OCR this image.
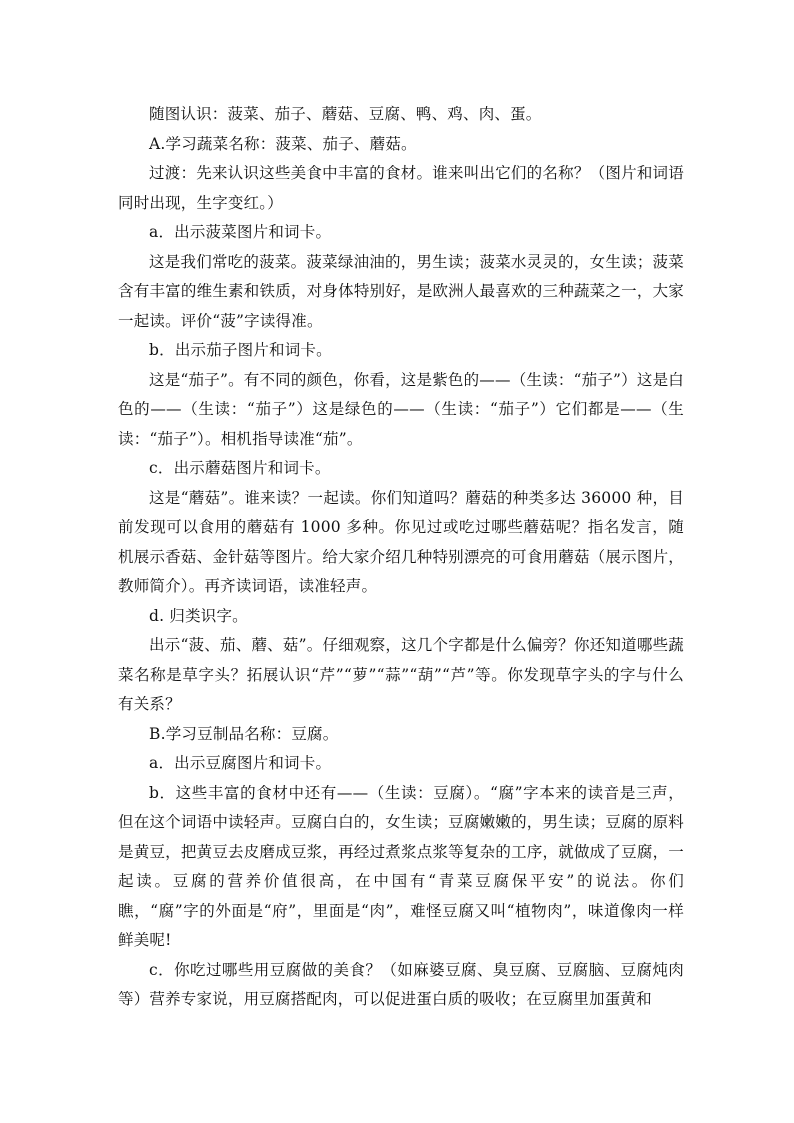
随图认识：菠菜、茄子、蘑菇、豆腐、鸭、鸡、肉、蛋。

A.学习蔬菜名称：菠菜、茄子、蘑菇。

过渡：先来认识这些美食中丰富的食材。谁来叫出它们的名称？（图片和词语同时出现，生字变红。）

a．出示菠菜图片和词卡。

这是我们常吃的菠菜。菠菜绿油油的，男生读；菠菜水灵灵的，女生读；菠菜含有丰富的维生素和铁质，对身体特别好，是欧洲人最喜欢的三种蔬菜之一，大家一起读。评价“菠”字读得准。

b．出示茄子图片和词卡。

这是“茄子”。有不同的颜色，你看，这是紫色的——（生读：“茄子”）这是白色的——（生读：“茄子”）这是绿色的——（生读：“茄子”）它们都是——（生读：“茄子”）。相机指导读准“茄”。

c．出示蘑菇图片和词卡。

这是“蘑菇”。谁来读？一起读。你们知道吗？蘑菇的种类多达 36000 种，目前发现可以食用的蘑菇有 1000 多种。你见过或吃过哪些蘑菇呢？指名发言，随机展示香菇、金针菇等图片。给大家介绍几种特别漂亮的可食用蘑菇（展示图片，教师简介）。再齐读词语，读准轻声。

d. 归类识字。

出示“菠、茄、蘑、菇”。仔细观察，这几个字都是什么偏旁？你还知道哪些蔬菜名称是草字头？拓展认识“芹”“萝”“蒜”“葫”“芦”等。你发现草字头的字与什么有关系？

B.学习豆制品名称：豆腐。

a．出示豆腐图片和词卡。

b．这些丰富的食材中还有——（生读：豆腐）。“腐”字本来的读音是三声，但在这个词语中读轻声。豆腐白白的，女生读；豆腐嫩嫩的，男生读；豆腐的原料是黄豆，把黄豆去皮磨成豆浆，再经过煮浆点浆等复杂的工序，就做成了豆腐，一起读。豆腐的营养价值很高，在中国有“青菜豆腐保平安”的说法。你们瞧，“腐”字的外面是“府”，里面是“肉”，难怪豆腐又叫“植物肉”，味道像肉一样鲜美呢!

c．你吃过哪些用豆腐做的美食？（如麻婆豆腐、臭豆腐、豆腐脑、豆腐炖肉等）营养专家说，用豆腐搭配肉，可以促进蛋白质的吸收；在豆腐里加蛋黄和
